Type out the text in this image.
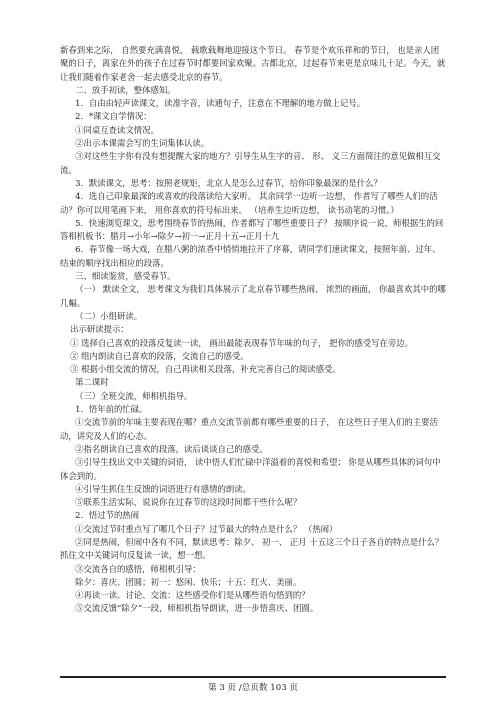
新春到来之际， 自然要充满喜悦， 载歌载舞地迎接这个节日。 春节是个欢乐祥和的节日， 也是亲人团聚的日子，离家在外的孩子在过春节时都要回家欢聚。古都北京，过起春节来更是京味儿十足。今天，就让我们随着作家老舍一起去感受北京的春节。

二、放手初读，整体感知。

1．自由由轻声读课文，读准字音，读通句子，注意在不理解的地方做上记号。

2．*课文自学情况：

①同桌互查读文情况。

②出示本课需会写的生词集体认读。

③对这些生字你有没有想提醒大家的地方？引导生从生字的音、 形、 义三方面简注的意见做相互交流。

3．默读课文，思考：按照老规矩，北京人是怎么过春节，给你印象最深的是什么？

4．选自己印象最深的或喜欢的段落读给大家听。 其余同学一边听一边想， 作者写了哪些人们的活动？你可以用笔画下来， 用你喜欢的符号标出来。 （培养生边听边想， 读书动笔的习惯。）

5．快速浏览课文，思考围绕春节的热闹，作者都写了哪些重要日子？ 按顺序说一说，师根据生的回答相机板书：腊月→小年→除夕→初一→正月十五→正月十九

6．春节像一场大戏，在腊八粥的浓香中悄悄地拉开了序幕，请同学们速读课文，按照年前、过年、结束的顺序找出相应的段落。

三、细读鉴赏，感受春节。

（一） 默读全文， 思考课文为我们具体展示了北京春节哪些热闹、 浓烈的画面， 你最喜欢其中的哪几幅。

（二）小组研读。

出示研读提示：

① 选择自己喜欢的段落反复读一读， 画出最能表现春节年味的句子， 把你的感受写在旁边。

② 组内朗读自己喜欢的段落，交流自己的感受。

③ 根据小组交流的情况，自己再读相关段落，补充完善自己的阅读感受。

第二课时

（三）全班交流，师相机指导。

1．悟年前的忙碌。

①交流节前的年味主要表现在哪？重点交流节前都有哪些重要的日子， 在这些日子里人们的主要活动，讲究及人们的心态。

②指名朗读自己喜欢的段落，读后谈谈自己的感受。

③引导生找出文中关键的词语， 读中悟人们忙碌中洋溢着的喜悦和希望； 你是从哪些具体的词句中体会到的。

④引导生抓住生反馈的词语进行有感情的朗读。

⑤联系生活实际，说说你在过春节的这段时间都干些什么呢？

2．悟过节的热闹

①交流过节时重点写了哪几个日子？过节最大的特点是什么？ （热闹）

②同是热闹，但闹中各有不同，默读思考：除夕、 初一、 正月 十五这三个日子各自的特点是什么？抓住文中关键词句反复读一读，想一想。

③交流各自的感悟，师相机引导：

除夕：喜庆、团圆；初一：悠闲、快乐；十五：红火、美丽。

④再读一读、讨论、交流：这些感受你们是从哪些语句悟到的？

⑤交流反馈“除夕”一段，师相机指导朗读，进一步悟喜庆、团圆。

第 3 页 /总页数 103 页
